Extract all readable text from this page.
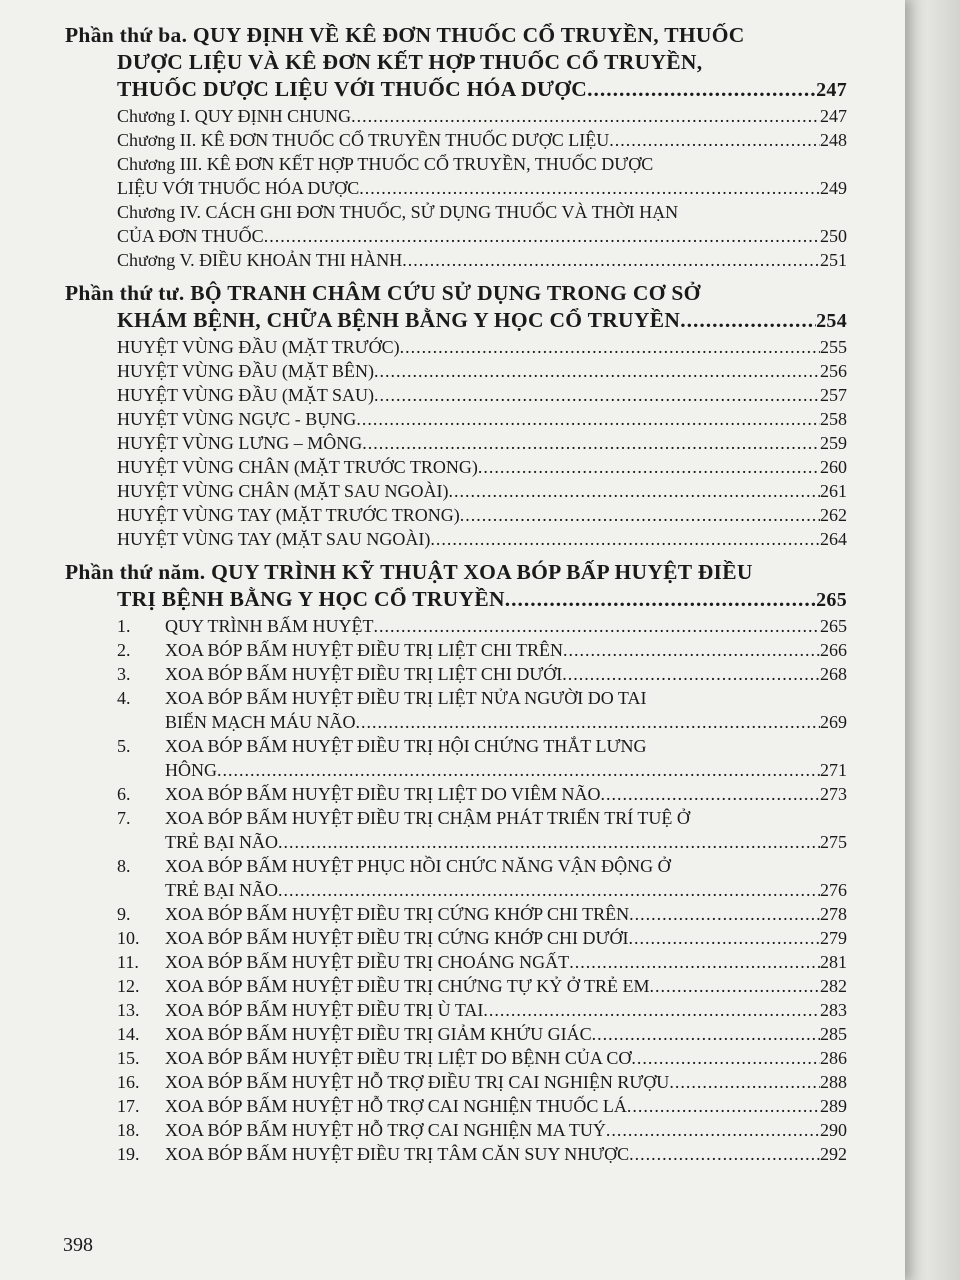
Phần thứ ba. QUY ĐỊNH VỀ KÊ ĐƠN THUỐC CỔ TRUYỀN, THUỐC
DƯỢC LIỆU VÀ KÊ ĐƠN KẾT HỢP THUỐC CỔ TRUYỀN,
THUỐC DƯỢC LIỆU VỚI THUỐC HÓA DƯỢC .....	247
Chương I. QUY ĐỊNH CHUNG .....	247
Chương II. KÊ ĐƠN THUỐC CỔ TRUYỀN THUỐC DƯỢC LIỆU .....	248
Chương III. KÊ ĐƠN KẾT HỢP THUỐC CỔ TRUYỀN, THUỐC DƯỢC
LIỆU VỚI THUỐC HÓA DƯỢC .....	249
Chương IV. CÁCH GHI ĐƠN THUỐC, SỬ DỤNG THUỐC VÀ THỜI HẠN
CỦA ĐƠN THUỐC .....	250
Chương V. ĐIỀU KHOẢN THI HÀNH .....	251
Phần thứ tư. BỘ TRANH CHÂM CỨU SỬ DỤNG TRONG CƠ SỞ
KHÁM BỆNH, CHỮA BỆNH BẰNG Y HỌC CỔ TRUYỀN .....	254
HUYỆT VÙNG ĐẦU (MẶT TRƯỚC) .....	255
HUYỆT VÙNG ĐẦU (MẶT BÊN) .....	256
HUYỆT VÙNG ĐẦU (MẶT SAU) .....	257
HUYỆT VÙNG NGỰC - BỤNG .....	258
HUYỆT VÙNG LƯNG – MÔNG .....	259
HUYỆT VÙNG CHÂN (MẶT TRƯỚC TRONG) .....	260
HUYỆT VÙNG CHÂN (MẶT SAU NGOÀI) .....	261
HUYỆT VÙNG TAY (MẶT TRƯỚC TRONG) .....	262
HUYỆT VÙNG TAY (MẶT SAU NGOÀI) .....	264
Phần thứ năm. QUY TRÌNH KỸ THUẬT XOA BÓP BẤP HUYỆT ĐIỀU
TRỊ BỆNH BẰNG Y HỌC CỔ TRUYỀN .....	265
1.	QUY TRÌNH BẤM HUYỆT .....	265
2.	XOA BÓP BẤM HUYỆT ĐIỀU TRỊ LIỆT CHI TRÊN .....	266
3.	XOA BÓP BẤM HUYỆT ĐIỀU TRỊ LIỆT CHI DƯỚI .....	268
4.	XOA BÓP BẤM HUYỆT ĐIỀU TRỊ LIỆT NỬA NGƯỜI DO TAI
BIẾN MẠCH MÁU NÃO .....	269
5.	XOA BÓP BẤM HUYỆT ĐIỀU TRỊ HỘI CHỨNG THẮT LƯNG
HÔNG .....	271
6.	XOA BÓP BẤM HUYỆT ĐIỀU TRỊ LIỆT DO VIÊM NÃO .....	273
7.	XOA BÓP BẤM HUYỆT ĐIỀU TRỊ CHẬM PHÁT TRIỂN TRÍ TUỆ Ở
TRẺ BẠI NÃO .....	275
8.	XOA BÓP BẤM HUYỆT PHỤC HỒI CHỨC NĂNG VẬN ĐỘNG Ở
TRẺ BẠI NÃO .....	276
9.	XOA BÓP BẤM HUYỆT ĐIỀU TRỊ CỨNG KHỚP CHI TRÊN .....	278
10.	XOA BÓP BẤM HUYỆT ĐIỀU TRỊ CỨNG KHỚP CHI DƯỚI .....	279
11.	XOA BÓP BẤM HUYỆT ĐIỀU TRỊ CHOÁNG NGẤT .....	281
12.	XOA BÓP BẤM HUYỆT ĐIỀU TRỊ CHỨNG TỰ KỶ Ở TRẺ EM .....	282
13.	XOA BÓP BẤM HUYỆT ĐIỀU TRỊ Ù TAI .....	283
14.	XOA BÓP BẤM HUYỆT ĐIỀU TRỊ GIẢM KHỨU GIÁC .....	285
15.	XOA BÓP BẤM HUYỆT ĐIỀU TRỊ LIỆT DO BỆNH CỦA CƠ .....	286
16.	XOA BÓP BẤM HUYỆT HỖ TRỢ ĐIỀU TRỊ CAI NGHIỆN RƯỢU .....	288
17.	XOA BÓP BẤM HUYỆT HỖ TRỢ CAI NGHIỆN THUỐC LÁ .....	289
18.	XOA BÓP BẤM HUYỆT HỖ TRỢ CAI NGHIỆN MA TUÝ .....	290
19.	XOA BÓP BẤM HUYỆT ĐIỀU TRỊ TÂM CĂN SUY NHƯỢC .....	292
398
